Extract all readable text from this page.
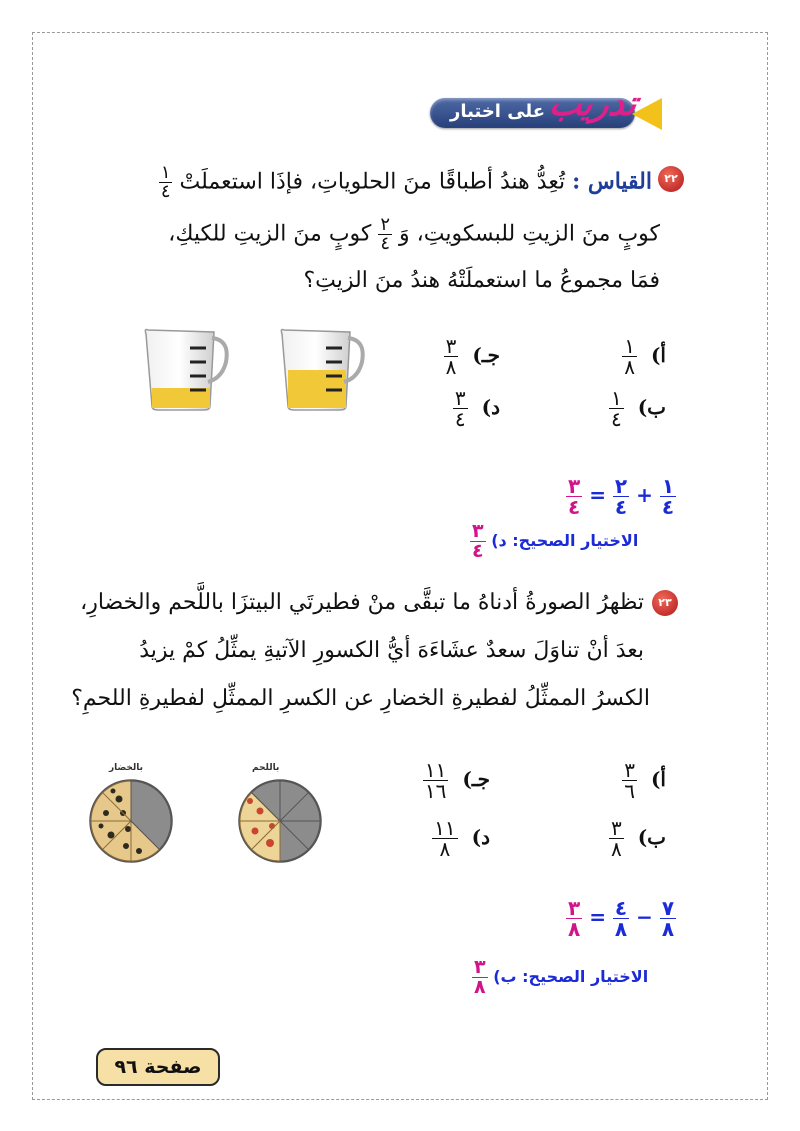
على اختبار تدريب
٢٢
القياس : تُعِدُّ هندُ أطباقًا منَ الحلوياتِ، فإذَا استعملَتْ
$\frac{١}{٤}$
كوبٍ منَ الزيتِ للبسكويتِ، وَ
$\frac{٢}{٤}$
كوبٍ منَ الزيتِ للكيكِ،
فمَا مجموعُ ما استعملَتْهُ هندُ منَ الزيتِ؟
أ)
$\frac{١}{٨}$
ب)
$\frac{١}{٤}$
جـ)
$\frac{٣}{٨}$
د)
$\frac{٣}{٤}$
$\frac{١}{٤}$
+
$\frac{٢}{٤}$
=
$\frac{٣}{٤}$
الاختيار الصحيح: د)
$\frac{٣}{٤}$
٢٣
تظهرُ الصورةُ أدناهُ ما تبقَّى منْ فطيرتَي البيتزَا باللَّحم والخضارِ،
بعدَ أنْ تناوَلَ سعدٌ عشَاءَهَ أيُّ الكسورِ الآتيةِ يمثِّلُ كمْ يزيدُ
الكسرُ الممثِّلُ لفطيرةِ الخضارِ عن الكسرِ الممثِّلِ لفطيرةِ اللحمِ؟
أ)
$\frac{٣}{٦}$
ب)
$\frac{٣}{٨}$
جـ)
$\frac{١١}{١٦}$
د)
$\frac{١١}{٨}$
بالخضار	باللحم
$\frac{٧}{٨}$
−
$\frac{٤}{٨}$
=
$\frac{٣}{٨}$
الاختيار الصحيح: ب)
$\frac{٣}{٨}$
صفحة ٩٦
